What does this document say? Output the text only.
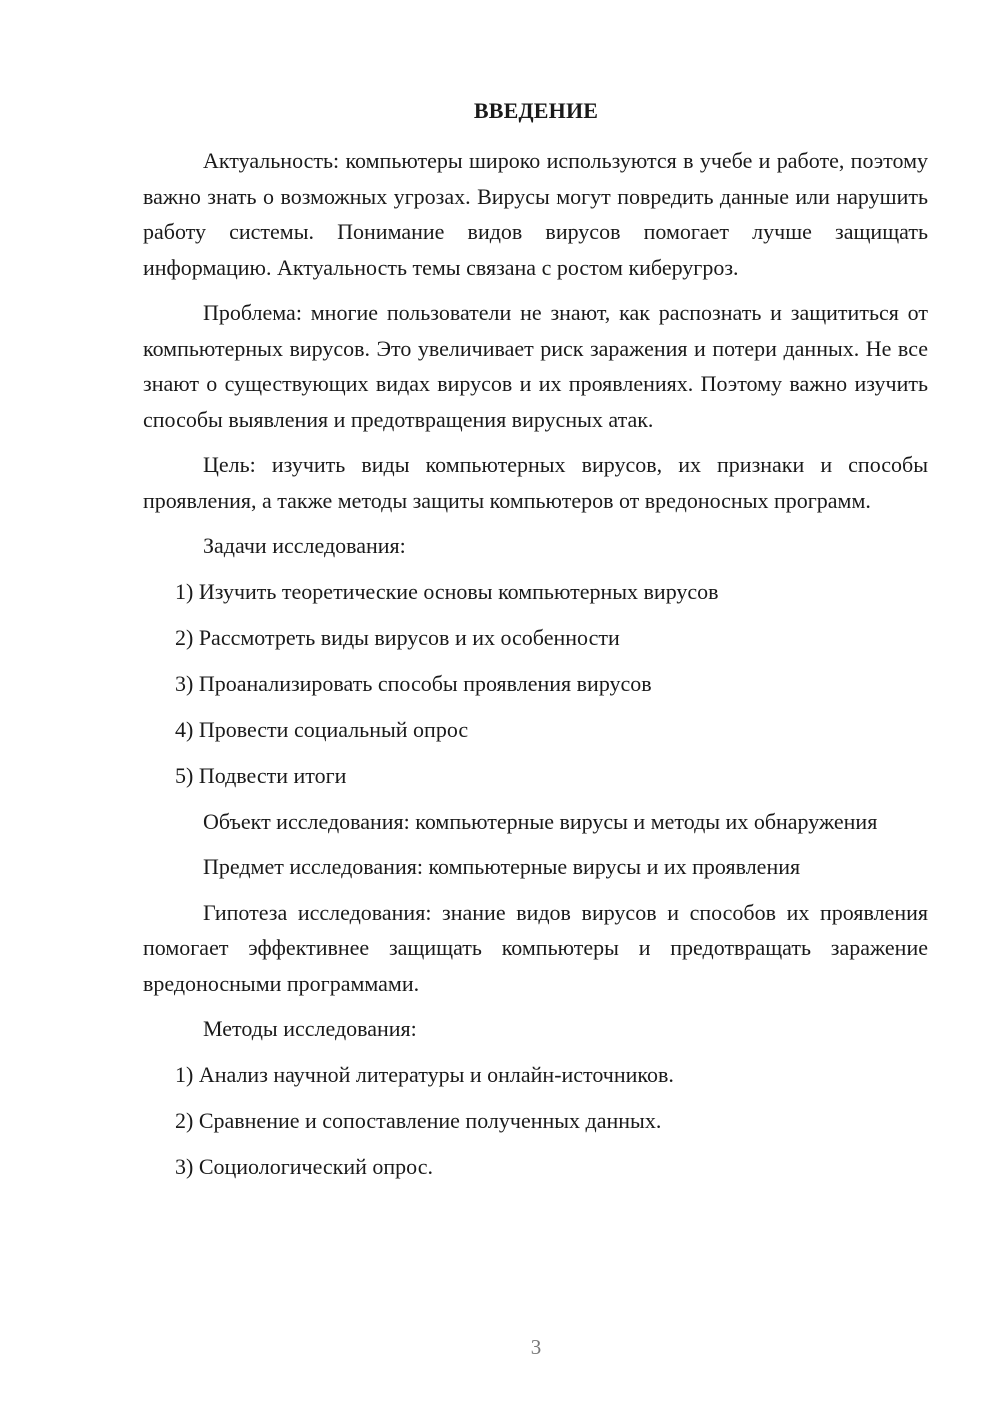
ВВЕДЕНИЕ

Актуальность: компьютеры широко используются в учебе и работе, поэтому важно знать о возможных угрозах. Вирусы могут повредить данные или нарушить работу системы. Понимание видов вирусов помогает лучше защищать информацию. Актуальность темы связана с ростом киберугроз.

Проблема: многие пользователи не знают, как распознать и защититься от компьютерных вирусов. Это увеличивает риск заражения и потери данных. Не все знают о существующих видах вирусов и их проявлениях. Поэтому важно изучить способы выявления и предотвращения вирусных атак.

Цель: изучить виды компьютерных вирусов, их признаки и способы проявления, а также методы защиты компьютеров от вредоносных программ.

Задачи исследования:

1) Изучить теоретические основы компьютерных вирусов
2) Рассмотреть виды вирусов и их особенности
3) Проанализировать способы проявления вирусов
4) Провести социальный опрос
5) Подвести итоги

Объект исследования: компьютерные вирусы и методы их обнаружения

Предмет исследования: компьютерные вирусы и их проявления

Гипотеза исследования: знание видов вирусов и способов их проявления помогает эффективнее защищать компьютеры и предотвращать заражение вредоносными программами.

Методы исследования:

1) Анализ научной литературы и онлайн-источников.
2) Сравнение и сопоставление полученных данных.
3) Социологический опрос.
3
